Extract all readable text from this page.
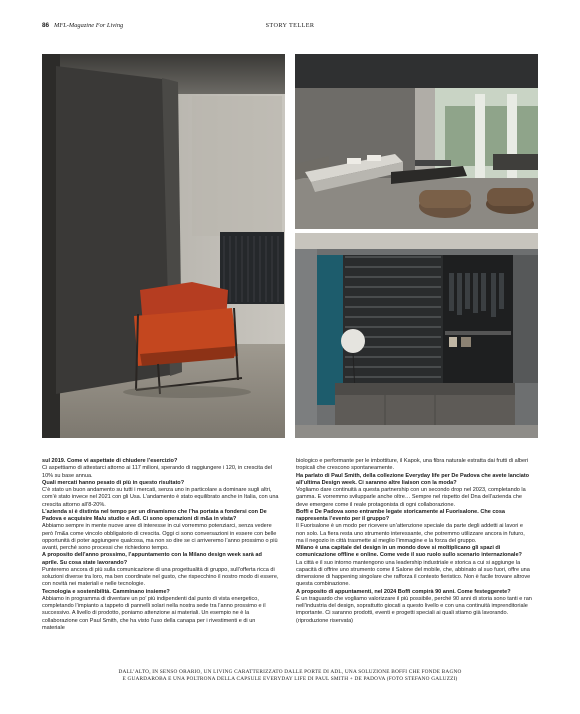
86 MFL-Magazine For Living	STORY TELLER

sul 2019. Come vi aspettate di chiudere l’esercizio?

Ci aspettiamo di attestarci attorno ai 117 milioni, sperando di raggiungere i 120, in crescita del 10% su base annua.

Quali mercati hanno pesato di più in questo risultato?

C’è stato un buon andamento su tutti i mercati, senza uno in particolare a dominare sugli altri, com’è stato invece nel 2021 con gli Usa. L’andamento è stato equilibrato anche in Italia, con una crescita attorno all’8-20%.

L’azienda si è distinta nel tempo per un dinamismo che l’ha portata a fondersi con De Padova e acquisire Ma/u studio e Adl. Ci sono operazioni di m&a in vista?

Abbiamo sempre in mente nuove aree di interesse in cui vorremmo potenziarci, senza vedere però l’m&a come vincolo obbligatorio di crescita. Oggi ci sono conversazioni in essere con belle opportunità di poter aggiungere qualcosa, ma non so dire se ci arriveremo l’anno prossimo o più avanti, perché sono processi che richiedono tempo.

A proposito dell’anno prossimo, l’appuntamento con la Milano design week sarà ad aprile. Su cosa state lavorando?

Punteremo ancora di più sulla comunicazione di una progettualità di gruppo, sull’offerta ricca di soluzioni diverse tra loro, ma ben coordinate nel gusto, che rispecchino il nostro modo di essere, con novità nei materiali e nelle tecnologie.

Tecnologia e sostenibilità. Camminano insieme?

Abbiamo in programma di diventare un po’ più indipendenti dal punto di vista energetico, completando l’impianto a tappeto di pannelli solari nella nostra sede tra l’anno prossimo e il successivo. A livello di prodotto, poniamo attenzione ai materiali. Un esempio ne è la collaborazione con Paul Smith, che ha visto l’uso della canapa per i rivestimenti e di un materiale

biologico e performante per le imbottiture, il Kapok, una fibra naturale estratta dai frutti di alberi tropicali che crescono spontaneamente.

Ha parlato di Paul Smith, della collezione Everyday life per De Padova che avete lanciato all’ultima Design week. Ci saranno altre liaison con la moda?

Vogliamo dare continuità a questa partnership con un secondo drop nel 2023, completando la gamma. E vorremmo svilupparle anche oltre… Sempre nel rispetto del Dna dell’azienda che deve emergere come il reale protagonista di ogni collaborazione.

Boffi e De Padova sono entrambe legate storicamente al Fuorisalone. Che cosa rappresenta l’evento per il gruppo?

Il Fuorisalone è un modo per ricevere un’attenzione speciale da parte degli addetti ai lavori e non solo. La fiera resta uno strumento interessante, che potremmo utilizzare ancora in futuro, ma il negozio in città trasmette al meglio l’immagine e la forza del gruppo.

Milano è una capitale del design in un mondo dove si moltiplicano gli spazi di comunicazione offline e online. Come vede il suo ruolo sullo scenario internazionale?

La città e il suo intorno mantengono una leadership industriale e storica a cui si aggiunge la capacità di offrire uno strumento come il Salone del mobile, che, abbinato al suo fuori, offre una dimensione di happening singolare che rafforza il contesto fieristico. Non è facile trovare altrove questa combinazione.

A proposito di appuntamenti, nel 2024 Boffi compirà 90 anni. Come festeggerete?

È un traguardo che vogliamo valorizzare il più possibile, perché 90 anni di storia sono tanti e ran nell’industria del design, soprattutto giocati a questo livello e con una continuità imprenditoriale importante. Ci saranno prodotti, eventi e progetti speciali ai quali stiamo già lavorando. (riproduzione riservata)

DALL’ALTO, IN SENSO ORARIO, UN LIVING CARATTERIZZATO DALLE PORTE DI ADL, UNA SOLUZIONE BOFFI CHE FONDE BAGNO
E GUARDAROBA E UNA POLTRONA DELLA CAPSULE EVERYDAY LIFE DI PAUL SMITH + DE PADOVA (FOTO STEFANO GALUZZI)
